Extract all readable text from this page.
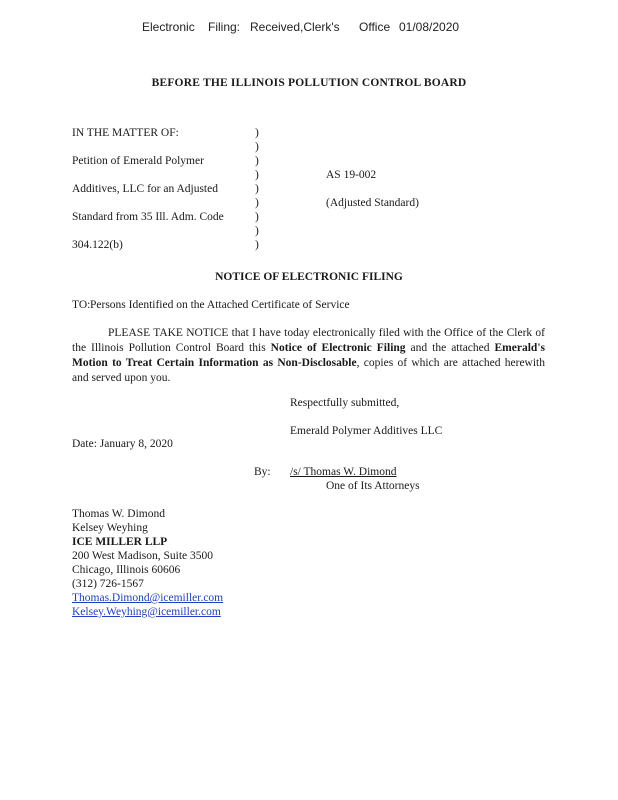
Electronic Filing: Received,Clerk's Office 01/08/2020
BEFORE THE ILLINOIS POLLUTION CONTROL BOARD
IN THE MATTER OF:
Petition of Emerald Polymer
Additives, LLC for an Adjusted
Standard from 35 Ill. Adm. Code
304.122(b)
)
)
)
)
)
)
)
)
)
AS 19-002
(Adjusted Standard)
NOTICE OF ELECTRONIC FILING
TO: Persons Identified on the Attached Certificate of Service
PLEASE TAKE NOTICE that I have today electronically filed with the Office of the Clerk of the Illinois Pollution Control Board this Notice of Electronic Filing and the attached Emerald's Motion to Treat Certain Information as Non-Disclosable, copies of which are attached herewith and served upon you.
Respectfully submitted,
Emerald Polymer Additives LLC
Date: January 8, 2020
By: /s/ Thomas W. Dimond
One of Its Attorneys
Thomas W. Dimond
Kelsey Weyhing
ICE MILLER LLP
200 West Madison, Suite 3500
Chicago, Illinois 60606
(312) 726-1567
Thomas.Dimond@icemiller.com
Kelsey.Weyhing@icemiller.com
